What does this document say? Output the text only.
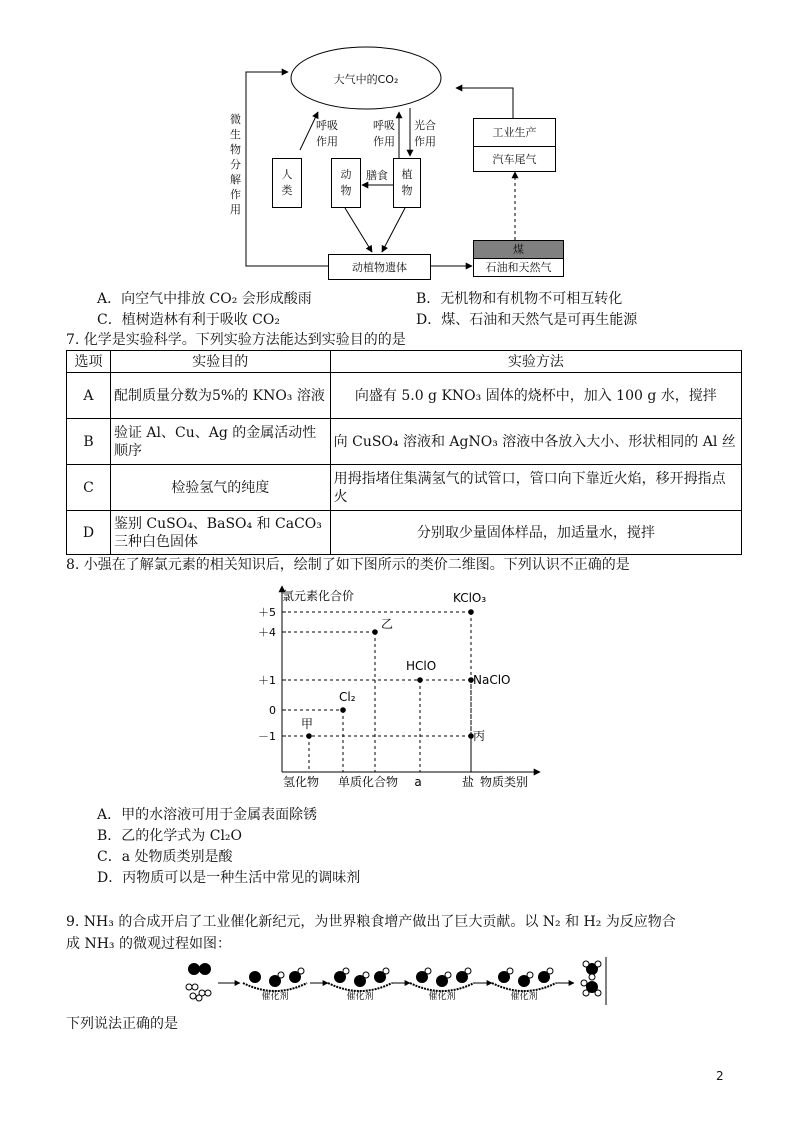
大气中的CO₂
微生物分解作用
呼吸作用
呼吸作用
光合作用
人类
动物
植物
膳食
动植物遗体
工业生产
汽车尾气
煤
石油和天然气
A．向空气中排放 CO₂ 会形成酸雨	B．无机物和有机物不可相互转化
C．植树造林有利于吸收 CO₂	D．煤、石油和天然气是可再生能源
7. 化学是实验科学。下列实验方法能达到实验目的的是
选项	实验目的	实验方法
A	配制质量分数为5%的 KNO₃ 溶液	向盛有 5.0 g KNO₃ 固体的烧杯中，加入 100 g 水，搅拌
B	验证 Al、Cu、Ag 的金属活动性顺序	向 CuSO₄ 溶液和 AgNO₃ 溶液中各放入大小、形状相同的 Al 丝
C	检验氢气的纯度	用拇指堵住集满氢气的试管口，管口向下靠近火焰，移开拇指点火
D	鉴别 CuSO₄、BaSO₄ 和 CaCO₃ 三种白色固体	分别取少量固体样品，加适量水，搅拌
8. 小强在了解氯元素的相关知识后，绘制了如下图所示的类价二维图。下列认识不正确的是
氯元素化合价
＋5
＋4
＋1
0
－1
氢化物 单质 化合物 a	盐 物质类别
甲
Cl₂
乙
HClO
KClO₃
NaClO
丙
A．甲的水溶液可用于金属表面除锈
B．乙的化学式为 Cl₂O
C．a 处物质类别是酸
D．丙物质可以是一种生活中常见的调味剂
9. NH₃ 的合成开启了工业催化新纪元，为世界粮食增产做出了巨大贡献。以 N₂ 和 H₂ 为反应物合
成 NH₃ 的微观过程如图：
催化剂	催化剂	催化剂	催化剂
下列说法正确的是
2
